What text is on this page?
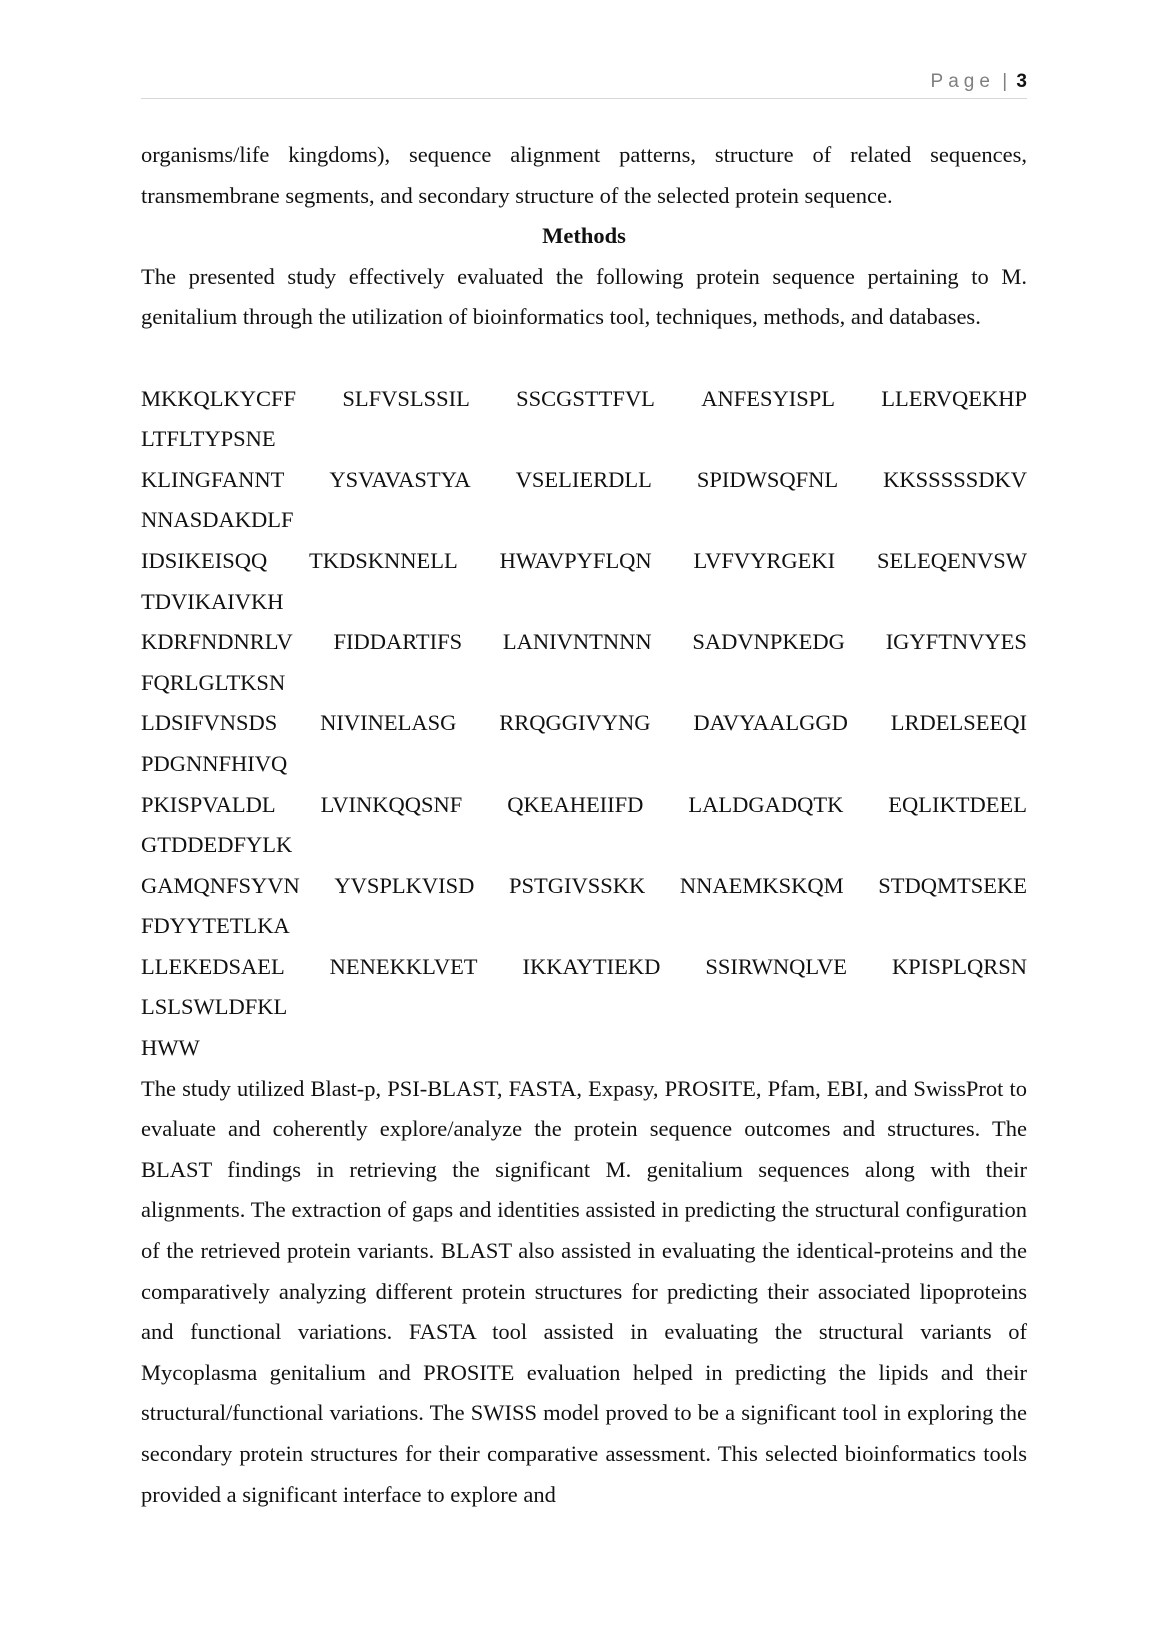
Page | 3

organisms/life kingdoms), sequence alignment patterns, structure of related sequences, transmembrane segments, and secondary structure of the selected protein sequence.

Methods

The presented study effectively evaluated the following protein sequence pertaining to M. genitalium through the utilization of bioinformatics tool, techniques, methods, and databases.

MKKQLKYCFF SLFVSLSSIL SSCGSTTFVL ANFESYISPL LLERVQEKHP
LTFLTYPSNE
KLINGFANNT YSVAVASTYA VSELIERDLL SPIDWSQFNL KKSSSSSDKV
NNASDAKDLF
IDSIKEISQQ TKDSKNNELL HWAVPYFLQN LVFVYRGEKI SELEQENVSW
TDVIKAIVKH
KDRFNDNRLV FIDDARTIFS LANIVNTNNN SADVNPKEDG IGYFTNVYES
FQRLGLTKSN
LDSIFVNSDS NIVINELASG RRQGGIVYNG DAVYAALGGD LRDELSEEQI
PDGNNFHIVQ
PKISPVALDL LVINKQQSNF QKEAHEIIFD LALDGADQTK EQLIKTDEEL
GTDDEDFYLK
GAMQNFSYVN YVSPLKVISD PSTGIVSSKK NNAEMKSKQM STDQMTSEKE
FDYYTETLKA
LLEKEDSAEL NENEKKLVET IKKAYTIEKD SSIRWNQLVE KPISPLQRSN
LSLSWLDFKL
HWW

The study utilized Blast-p, PSI-BLAST, FASTA, Expasy, PROSITE, Pfam, EBI, and SwissProt to evaluate and coherently explore/analyze the protein sequence outcomes and structures. The BLAST findings in retrieving the significant M. genitalium sequences along with their alignments. The extraction of gaps and identities assisted in predicting the structural configuration of the retrieved protein variants. BLAST also assisted in evaluating the identical-proteins and the comparatively analyzing different protein structures for predicting their associated lipoproteins and functional variations. FASTA tool assisted in evaluating the structural variants of Mycoplasma genitalium and PROSITE evaluation helped in predicting the lipids and their structural/functional variations. The SWISS model proved to be a significant tool in exploring the secondary protein structures for their comparative assessment. This selected bioinformatics tools provided a significant interface to explore and
